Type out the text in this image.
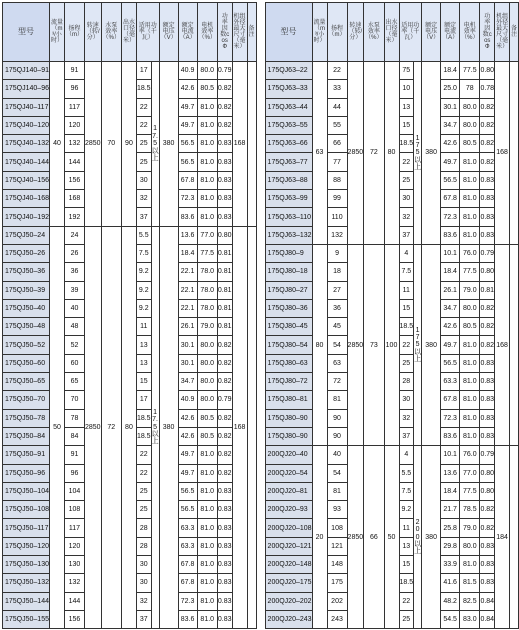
型号	流量（m³/小时）	扬程（m）	转速（转/分）	水泵效率（%）	出水口径（毫米）	适用功率（千瓦）		额定电压（V）	额定电流（A）	电机效率（%）	功率因数cos Ф	机组外径最大尺寸（毫米）	备注
175QJ140–91	40	91	2850	70	90	17	17.5以上	380	40.9	80.0	0.79	168	
175QJ140–96		96				18.5			42.6	80.5	0.82		
175QJ40–117		117				22			49.7	81.0	0.82		
175QJ40–120		120				22			49.7	81.0	0.82		
175QJ40–132		132				25			56.5	81.0	0.83		
175QJ40–144		144				25			56.5	81.0	0.83		
175QJ40–156		156				30			67.8	81.0	0.83		
175QJ40–168		168				32			72.3	81.0	0.83		
175QJ40–192		192				37			83.6	81.0	0.83		
175QJ50–24	50	24	2850	72	80	5.5	17.5以上	380	13.6	77.0	0.80	168	
175QJ50–26		26				7.5			18.4	77.5	0.81		
175QJ50–36		36				9.2			22.1	78.0	0.81		
175QJ50–39		39				9.2			22.1	78.0	0.81		
175QJ50–40		40				9.2			22.1	78.0	0.81		
175QJ50–48		48				11			26.1	79.0	0.81		
175QJ50–52		52				13			30.1	80.0	0.82		
175QJ50–60		60				13			30.1	80.0	0.82		
175QJ50–65		65				15			34.7	80.0	0.82		
175QJ50–70		70				17			40.9	80.0	0.79		
175QJ50–78		78				18.5			42.6	80.5	0.82		
175QJ50–84		84				18.5			42.6	80.5	0.82		
175QJ50–91		91				22			49.7	81.0	0.82		
175QJ50–96		96				22			49.7	81.0	0.82		
175QJ50–104		104				25			56.5	81.0	0.83		
175QJ50–108		108				25			56.5	81.0	0.83		
175QJ50–117		117				28			63.3	81.0	0.83		
175QJ50–120		120				28			63.3	81.0	0.83		
175QJ50–130		130				30			67.8	81.0	0.83		
175QJ50–132		132				30			67.8	81.0	0.83		
175QJ50–144		144				32			72.3	81.0	0.83		
175QJ50–155		156				37			83.6	81.0	0.83		
型号	流量（m³/小时）	扬程（m）	转速（转/分）	水泵效率（%）	出水口径（毫米）	适用功率（千瓦）		额定电压（V）	额定电流（A）	电机效率（%）	功率因数cos Ф	机组外径最大尺寸（毫米）	备注
175QJ63–22	63	22	2850	72	80	75	175以上	380	18.4	77.5	0.80	168	
175QJ63–33		33				10			25.0	78	0.78		
175QJ63–44		44				13			30.1	80.0	0.82		
175QJ63–55		55				15			34.7	80.0	0.82		
175QJ63–66		66				18.5			42.6	80.5	0.82		
175QJ63–77		77				22			49.7	81.0	0.82		
175QJ63–88		88				25			56.5	81.0	0.83		
175QJ63–99		99				30			67.8	81.0	0.83		
175QJ63–110		110				32			72.3	81.0	0.83		
175QJ63–132		132				37			83.6	81.0	0.83		
175QJ80–9	80	9	2850	73	100	4	175以上	380	10.1	76.0	0.79	168	
175QJ80–18		18				7.5			18.4	77.5	0.80		
175QJ80–27		27				11			26.1	79.0	0.81		
175QJ80–36		36				15			34.7	80.0	0.82		
175QJ80–45		45				18.5			42.6	80.5	0.82		
175QJ80–54		54				22			49.7	81.0	0.82		
175QJ80–63		63				25			56.5	81.0	0.83		
175QJ80–72		72				28			63.3	81.0	0.83		
175QJ80–81		81				30			67.8	81.0	0.83		
175QJ80–90		90				32			72.3	81.0	0.83		
175QJ80–90		90				37			83.6	81.0	0.83		
200QJ20–40	20	40	2850	66	50	4	200以上	380	10.1	76.0	0.79	184	
200QJ20–54		54				5.5			13.6	77.0	0.80		
200QJ20–81		81				7.5			18.4	77.5	0.80		
200QJ20–93		93				9.2			21.7	78.5	0.82		
200QJ20–108		108				11			25.8	79.0	0.82		
200QJ20–121		121				13			29.8	80.0	0.83		
200QJ20–148		148				15			33.9	81.0	0.83		
200QJ20–175		175				18.5			41.6	81.5	0.83		
200QJ20–202		202				22			48.2	82.5	0.84		
200QJ20–243		243				25			54.5	83.0	0.84		
